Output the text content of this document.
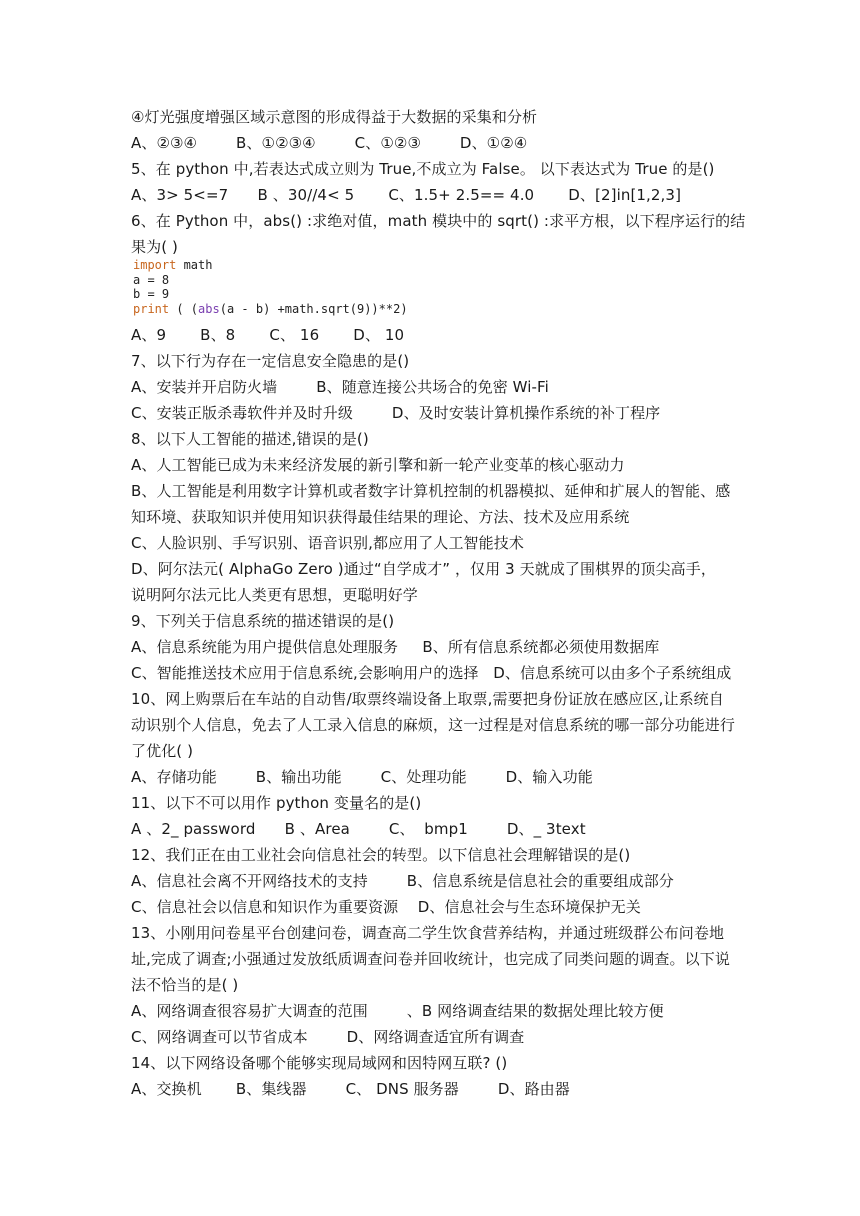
④灯光强度增强区域示意图的形成得益于大数据的采集和分析
A、②③④        B、①②③④        C、①②③        D、①②④
5、在 python 中,若表达式成立则为 True,不成立为 False。 以下表达式为 True 的是()
A、3> 5<=7      B 、30//4< 5       C、1.5+ 2.5== 4.0       D、[2]in[1,2,3]
6、在 Python 中，abs() :求绝对值，math 模块中的 sqrt() :求平方根，以下程序运行的结
果为( )
import math
a = 8
b = 9
print ( (abs(a - b) +math.sqrt(9))**2)
A、9       B、8       C、 16       D、 10
7、以下行为存在一定信息安全隐患的是()
A、安装并开启防火墙        B、随意连接公共场合的免密 Wi-Fi
C、安装正版杀毒软件并及时升级        D、及时安装计算机操作系统的补丁程序
8、以下人工智能的描述,错误的是()
A、人工智能已成为未来经济发展的新引擎和新一轮产业变革的核心驱动力
B、人工智能是利用数字计算机或者数字计算机控制的机器模拟、延伸和扩展人的智能、感
知环境、获取知识并使用知识获得最佳结果的理论、方法、技术及应用系统
C、人脸识别、手写识别、语音识别,都应用了人工智能技术
D、阿尔法元( AlphaGo Zero )通过“自学成才” ，仅用 3 天就成了围棋界的顶尖高手，
说明阿尔法元比人类更有思想，更聪明好学
9、下列关于信息系统的描述错误的是()
A、信息系统能为用户提供信息处理服务     B、所有信息系统都必须使用数据库
C、智能推送技术应用于信息系统,会影响用户的选择   D、信息系统可以由多个子系统组成
10、网上购票后在车站的自动售/取票终端设备上取票,需要把身份证放在感应区,让系统自
动识别个人信息，免去了人工录入信息的麻烦，这一过程是对信息系统的哪一部分功能进行
了优化( )
A、存储功能        B、输出功能        C、处理功能        D、输入功能
11、以下不可以用作 python 变量名的是()
A 、2_ password      B 、Area        C、  bmp1        D、_ 3text
12、我们正在由工业社会向信息社会的转型。以下信息社会理解错误的是()
A、信息社会离不开网络技术的支持        B、信息系统是信息社会的重要组成部分
C、信息社会以信息和知识作为重要资源    D、信息社会与生态环境保护无关
13、小刚用问卷星平台创建问卷，调查高二学生饮食营养结构，并通过班级群公布问卷地
址,完成了调查;小强通过发放纸质调查问卷并回收统计，也完成了同类问题的调查。以下说
法不恰当的是( )
A、网络调查很容易扩大调查的范围        、B 网络调查结果的数据处理比较方便
C、网络调查可以节省成本        D、网络调查适宜所有调查
14、以下网络设备哪个能够实现局域网和因特网互联? ()
A、交换机       B、集线器        C、 DNS 服务器        D、路由器
